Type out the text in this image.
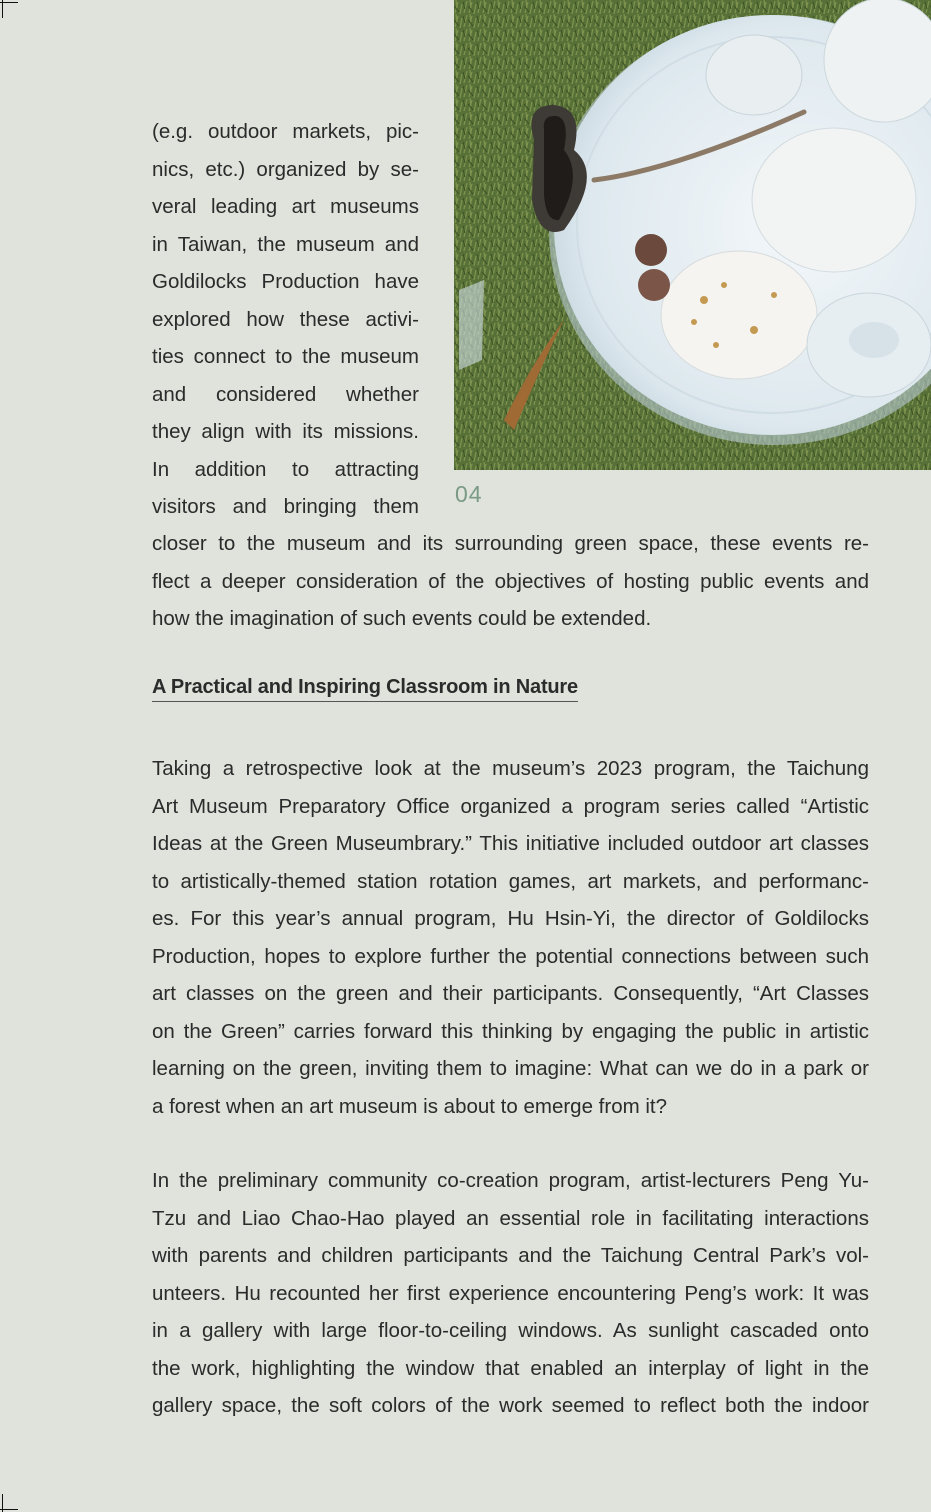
04
(e.g. outdoor markets, pic-
nics, etc.) organized by se-
veral leading art museums
in Taiwan, the museum and
Goldilocks Production have
explored how these activi-
ties connect to the museum
and considered whether
they align with its missions.
In addition to attracting
visitors and bringing them
closer to the museum and its surrounding green space, these events re-
flect a deeper consideration of the objectives of hosting public events and
how the imagination of such events could be extended.
A Practical and Inspiring Classroom in Nature
Taking a retrospective look at the museum’s 2023 program, the Taichung
Art Museum Preparatory Office organized a program series called “Artistic
Ideas at the Green Museumbrary.” This initiative included outdoor art classes
to artistically-themed station rotation games, art markets, and performanc-
es. For this year’s annual program, Hu Hsin-Yi, the director of Goldilocks
Production, hopes to explore further the potential connections between such
art classes on the green and their participants. Consequently, “Art Classes
on the Green” carries forward this thinking by engaging the public in artistic
learning on the green, inviting them to imagine: What can we do in a park or
a forest when an art museum is about to emerge from it?
In the preliminary community co-creation program, artist-lecturers Peng Yu-
Tzu and Liao Chao-Hao played an essential role in facilitating interactions
with parents and children participants and the Taichung Central Park’s vol-
unteers. Hu recounted her first experience encountering Peng’s work: It was
in a gallery with large floor-to-ceiling windows. As sunlight cascaded onto
the work, highlighting the window that enabled an interplay of light in the
gallery space, the soft colors of the work seemed to reflect both the indoor
